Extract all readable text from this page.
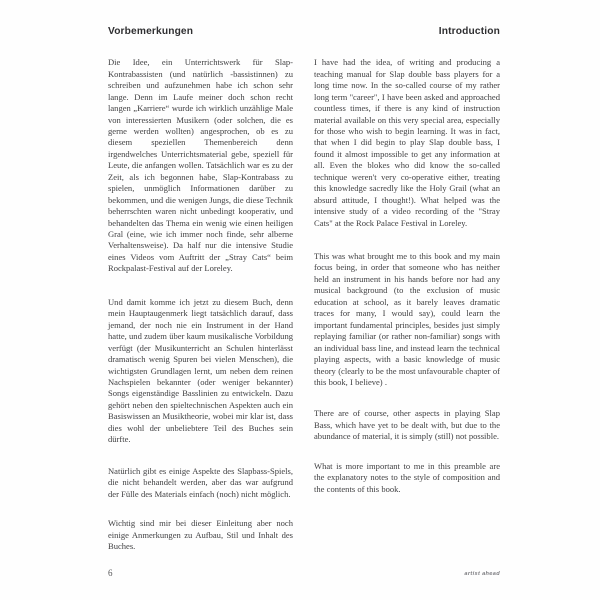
Vorbemerkungen	Introduction

Die Idee, ein Unterrichtswerk für Slap-Kontrabassisten (und natürlich -bassistinnen) zu schreiben und aufzunehmen habe ich schon sehr lange. Denn im Laufe meiner doch schon recht langen „Karriere“ wurde ich wirklich unzählige Male von interessierten Musikern (oder solchen, die es gerne werden wollten) angesprochen, ob es zu diesem speziellen Themenbereich denn irgendwelches Unterrichtsmaterial gebe, speziell für Leute, die anfangen wollen. Tatsächlich war es zu der Zeit, als ich begonnen habe, Slap-Kontrabass zu spielen, unmöglich Informationen darüber zu bekommen, und die wenigen Jungs, die diese Technik beherrschten waren nicht unbedingt kooperativ, und behandelten das Thema ein wenig wie einen heiligen Gral (eine, wie ich immer noch finde, sehr alberne Verhaltensweise). Da half nur die intensive Studie eines Videos vom Auftritt der „Stray Cats“ beim Rockpalast-Festival auf der Loreley.

Und damit komme ich jetzt zu diesem Buch, denn mein Hauptaugenmerk liegt tatsächlich darauf, dass jemand, der noch nie ein Instrument in der Hand hatte, und zudem über kaum musikalische Vorbildung verfügt (der Musikunterricht an Schulen hinterlässt dramatisch wenig Spuren bei vielen Menschen), die wichtigsten Grundlagen lernt, um neben dem reinen Nachspielen bekannter (oder weniger bekannter) Songs eigenständige Basslinien zu entwickeln. Dazu gehört neben den spieltechnischen Aspekten auch ein Basiswissen an Musiktheorie, wobei mir klar ist, dass dies wohl der unbeliebtere Teil des Buches sein dürfte.

Natürlich gibt es einige Aspekte des Slapbass-Spiels, die nicht behandelt werden, aber das war aufgrund der Fülle des Materials einfach (noch) nicht möglich.

Wichtig sind mir bei dieser Einleitung aber noch einige Anmerkungen zu Aufbau, Stil und Inhalt des Buches.

I have had the idea, of writing and producing a teaching manual for Slap double bass players for a long time now. In the so-called course of my rather long term "career", I have been asked and approached countless times, if there is any kind of instruction material available on this very special area, especially for those who wish to begin learning. It was in fact, that when I did begin to play Slap double bass, I found it almost impossible to get any information at all. Even the blokes who did know the so-called technique weren't very co-operative either, treating this knowledge sacredly like the Holy Grail (what an absurd attitude, I thought!). What helped was the intensive study of a video recording of the "Stray Cats" at the Rock Palace Festival in Loreley.

This was what brought me to this book and my main focus being, in order that someone who has neither held an instrument in his hands before nor had any musical background (to the exclusion of music education at school, as it barely leaves dramatic traces for many, I would say), could learn the important fundamental principles, besides just simply replaying familiar (or rather non-familiar) songs with an individual bass line, and instead learn the technical playing aspects, with a basic knowledge of music theory (clearly to be the most unfavourable chapter of this book, I believe) .

There are of course, other aspects in playing Slap Bass, which have yet to be dealt with, but due to the abundance of material, it is simply (still) not possible.

What is more important to me in this preamble are the explanatory notes to the style of composition and the contents of this book.

6	artist ahead
